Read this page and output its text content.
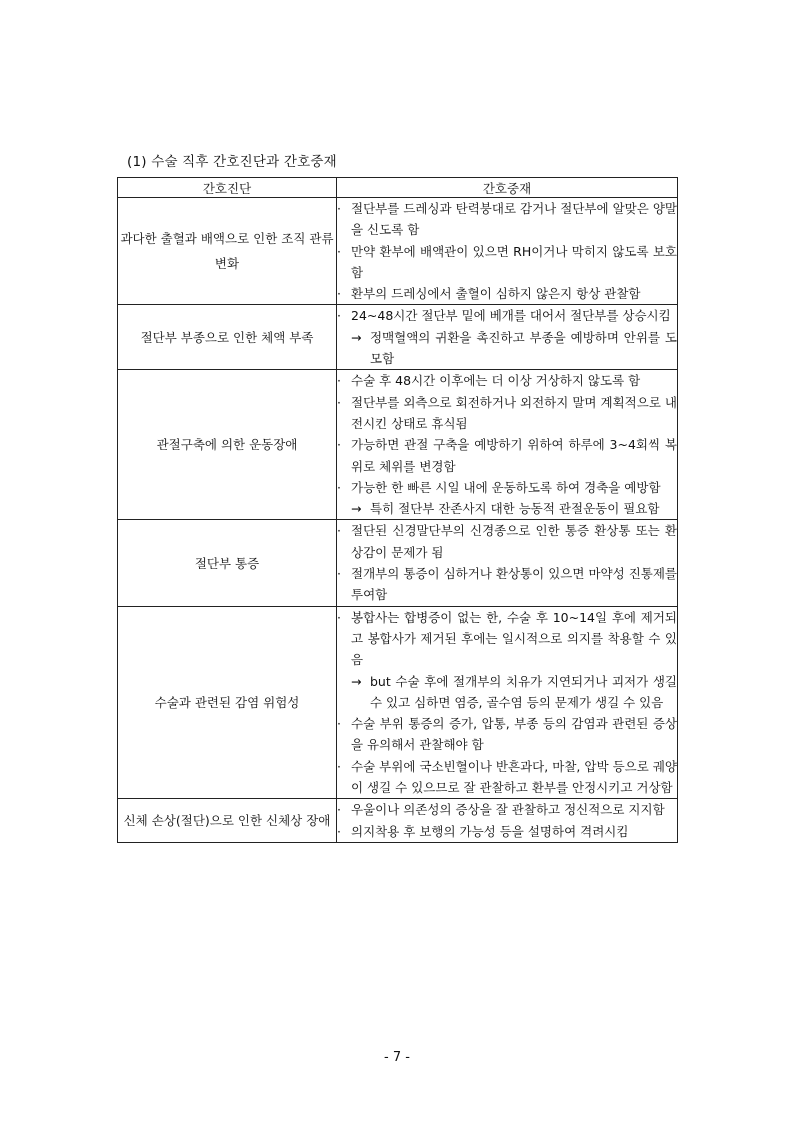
(1) 수술 직후 간호진단과 간호중재
간호진단	간호중재
과다한 출혈과 배액으로 인한 조직 관류 변화	· 절단부를 드레싱과 탄력붕대로 감거나 절단부에 알맞은 양말을 신도록 함
· 만약 환부에 배액관이 있으면 RH이거나 막히지 않도록 보호함
· 환부의 드레싱에서 출혈이 심하지 않은지 항상 관찰함

절단부 부종으로 인한 체액 부족	· 24~48시간 절단부 밑에 베개를 대어서 절단부를 상승시킴
→ 정맥혈액의 귀환을 촉진하고 부종을 예방하며 안위를 도모함

관절구축에 의한 운동장애	· 수술 후 48시간 이후에는 더 이상 거상하지 않도록 함
· 절단부를 외측으로 회전하거나 외전하지 말며 계획적으로 내전시킨 상태로 휴식됨
· 가능하면 관절 구축을 예방하기 위하여 하루에 3~4회씩 복위로 체위를 변경함
· 가능한 한 빠른 시일 내에 운동하도록 하여 경축을 예방함
→ 특히 절단부 잔존사지 대한 능동적 관절운동이 필요함

절단부 통증	· 절단된 신경말단부의 신경종으로 인한 통증 환상통 또는 환상감이 문제가 됨
· 절개부의 통증이 심하거나 환상통이 있으면 마약성 진통제를 투여함

수술과 관련된 감염 위험성	· 봉합사는 합병증이 없는 한, 수술 후 10~14일 후에 제거되고 봉합사가 제거된 후에는 일시적으로 의지를 착용할 수 있음
→ but 수술 후에 절개부의 치유가 지연되거나 괴저가 생길 수 있고 심하면 염증, 골수염 등의 문제가 생길 수 있음
· 수술 부위 통증의 증가, 압통, 부종 등의 감염과 관련된 증상을 유의해서 관찰해야 함
· 수술 부위에 국소빈혈이나 반흔과다, 마찰, 압박 등으로 궤양이 생길 수 있으므로 잘 관찰하고 환부를 안정시키고 거상함

신체 손상(절단)으로 인한 신체상 장애	· 우울이나 의존성의 증상을 잘 관찰하고 정신적으로 지지함
· 의지착용 후 보행의 가능성 등을 설명하여 격려시킴
- 7 -
